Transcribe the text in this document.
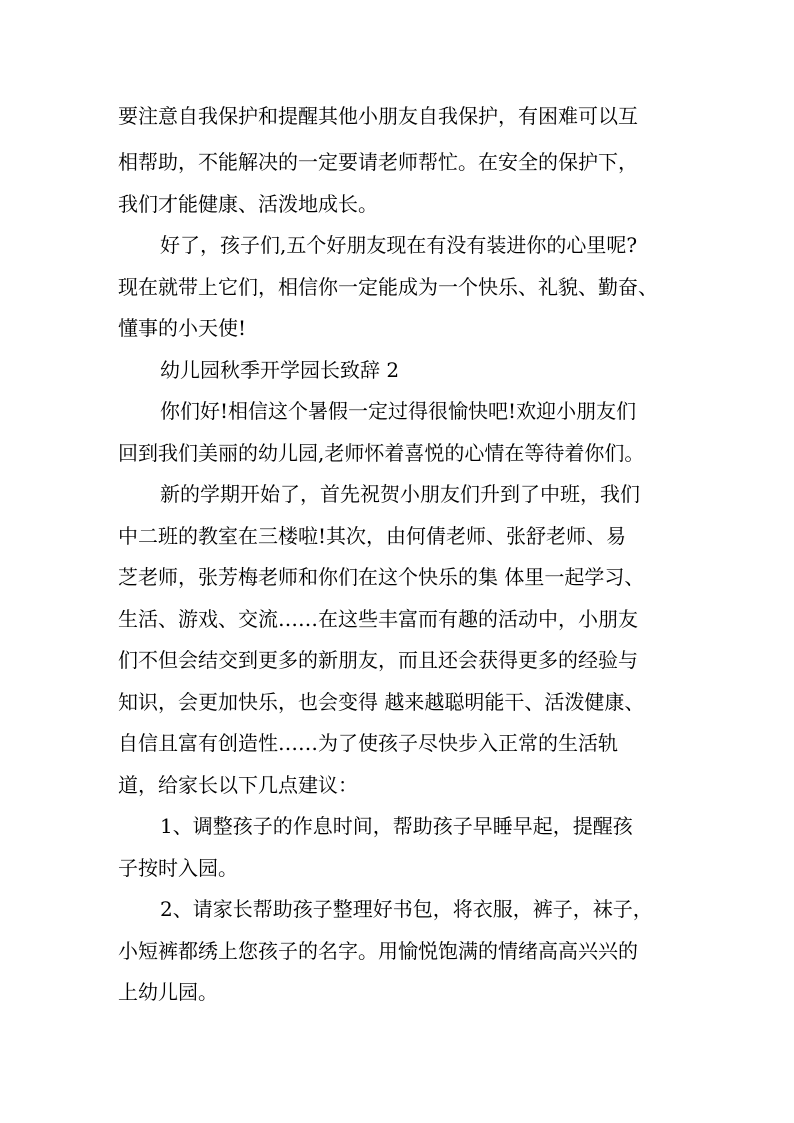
要注意自我保护和提醒其他小朋友自我保护，有困难可以互

相帮助，不能解决的一定要请老师帮忙。在安全的保护下，

我们才能健康、活泼地成长。

好了，孩子们,五个好朋友现在有没有装进你的心里呢?

现在就带上它们，相信你一定能成为一个快乐、礼貌、勤奋、

懂事的小天使!

幼儿园秋季开学园长致辞 2

你们好!相信这个暑假一定过得很愉快吧!欢迎小朋友们

回到我们美丽的幼儿园,老师怀着喜悦的心情在等待着你们。

新的学期开始了，首先祝贺小朋友们升到了中班，我们

中二班的教室在三楼啦!其次，由何倩老师、张舒老师、易

芝老师，张芳梅老师和你们在这个快乐的集 体里一起学习、

生活、游戏、交流……在这些丰富而有趣的活动中，小朋友

们不但会结交到更多的新朋友，而且还会获得更多的经验与

知识，会更加快乐，也会变得 越来越聪明能干、活泼健康、

自信且富有创造性……为了使孩子尽快步入正常的生活轨

道，给家长以下几点建议：

1、调整孩子的作息时间，帮助孩子早睡早起，提醒孩

子按时入园。

2、请家长帮助孩子整理好书包，将衣服，裤子，袜子，

小短裤都绣上您孩子的名字。用愉悦饱满的情绪高高兴兴的

上幼儿园。
